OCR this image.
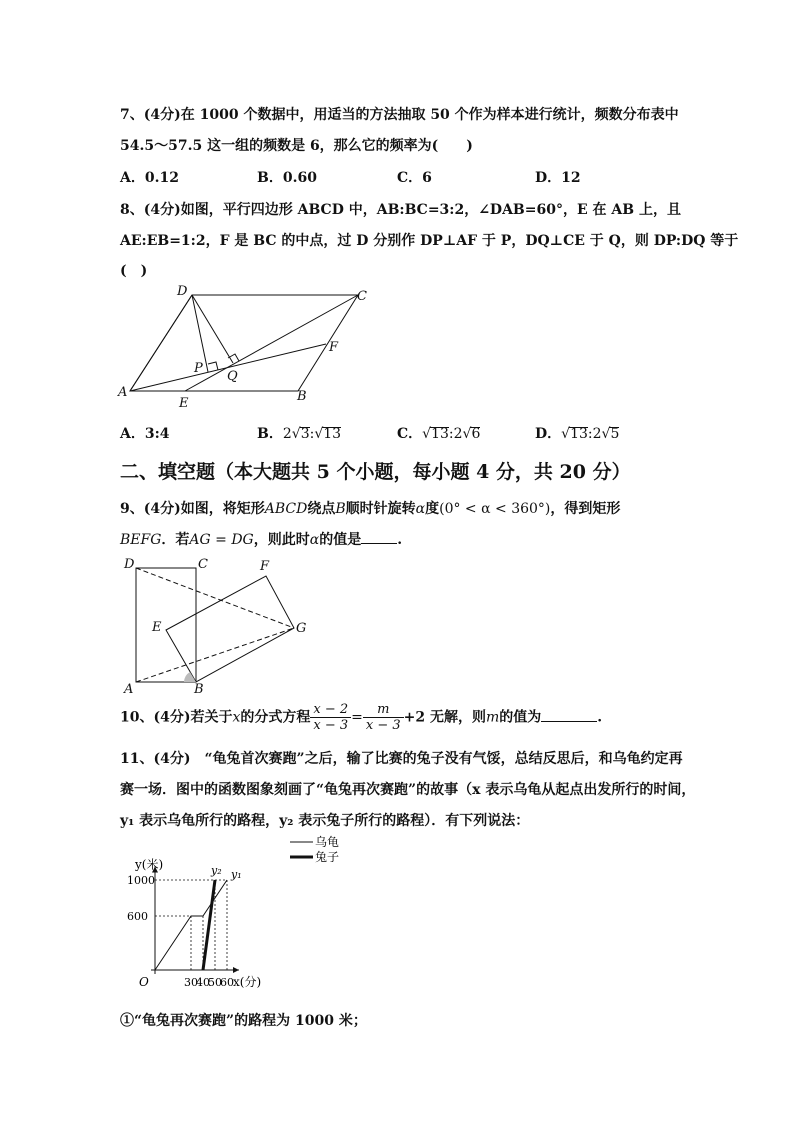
7、(4分)在 1000 个数据中，用适当的方法抽取 50 个作为样本进行统计，频数分布表中
54.5～57.5 这一组的频数是 6，那么它的频率为(　　)
A．0.12	B．0.60	C．6	D．12
8、(4分)如图，平行四边形 ABCD 中，AB:BC=3:2，∠DAB=60°，E 在 AB 上，且
AE:EB=1:2，F 是 BC 的中点，过 D 分别作 DP⊥AF 于 P，DQ⊥CE 于 Q，则 DP:DQ 等于
(　)
D	C
F
P
Q
A
E	B
A．3:4	B．2√3:√13	C．√13:2√6	D．√13:2√5
二、填空题（本大题共 5 个小题，每小题 4 分，共 20 分）
9、(4分)如图，将矩形ABCD绕点B顺时针旋转α度(0° < α < 360°)，得到矩形
BEFG．若AG = DG，则此时α的值是	.
D	C	F
E	G
A	B
10、(4分)若关于x的分式方程 $\frac{x - 2}{x - 3} = \frac{m}{x - 3} +2$ 无解，则m的值为	.
11、(4分)　“龟兔首次赛跑”之后，输了比赛的兔子没有气馁，总结反思后，和乌龟约定再
赛一场．图中的函数图象刻画了“龟兔再次赛跑”的故事（x 表示乌龟从起点出发所行的时间，
y₁ 表示乌龟所行的路程，y₂ 表示兔子所行的路程）．有下列说法：
x(分)
y(米)
O
600
1000
30
40
50
60
y₁
y₂
乌龟
兔子
①“龟兔再次赛跑”的路程为 1000 米；
